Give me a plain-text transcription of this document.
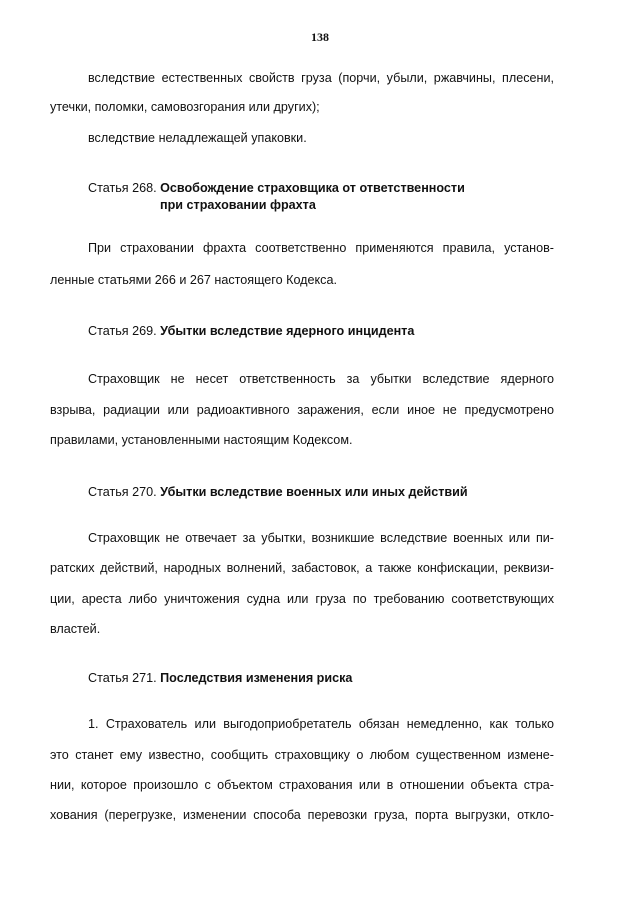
138
вследствие естественных свойств груза (порчи, убыли, ржавчины, плесени,
утечки, поломки, самовозгорания или других);
вследствие неладлежащей упаковки.
Статья 268. Освобождение страховщика от ответственности
при страховании фрахта
При страховании фрахта соответственно применяются правила, установ-
ленные статьями 266 и 267 настоящего Кодекса.
Статья 269. Убытки вследствие ядерного инцидента
Страховщик не несет ответственность за убытки вследствие ядерного
взрыва, радиации или радиоактивного заражения, если иное не предусмотрено
правилами, установленными настоящим Кодексом.
Статья 270. Убытки вследствие военных или иных действий
Страховщик не отвечает за убытки, возникшие вследствие военных или пи-
ратских действий, народных волнений, забастовок, а также конфискации, реквизи-
ции, ареста либо уничтожения судна или груза по требованию соответствующих
властей.
Статья 271. Последствия изменения риска
1. Страхователь или выгодоприобретатель обязан немедленно, как только
это станет ему известно, сообщить страховщику о любом существенном измене-
нии, которое произошло с объектом страхования или в отношении объекта стра-
хования (перегрузке, изменении способа перевозки груза, порта выгрузки, откло-
